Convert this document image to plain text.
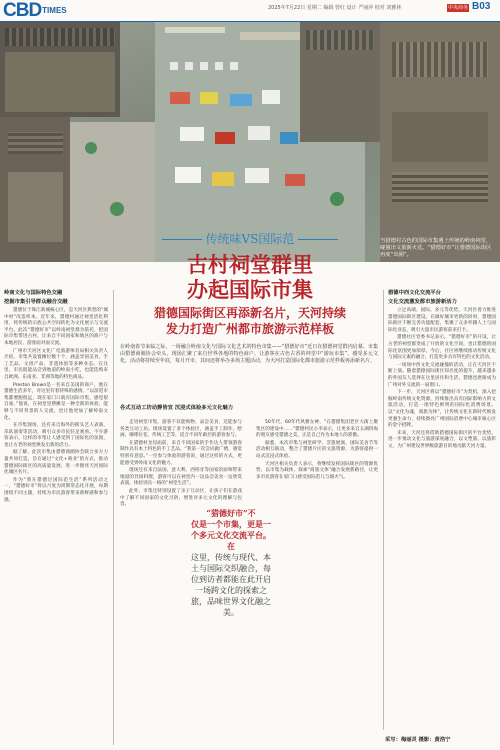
CBDTIMES	2025年7月22日 星期二 编辑 曾红 设计 严丽萍 校对 刘雅林	中央商务区
B03
当猎德村古色的国际市集遇上传统的岭南祠堂，碰撞出文旅新火花。“猎德好市”让猎德国际街区再度“出圈”。
传统味VS国际范
古村祠堂群里
办起国际市集
猎德国际街区再添新名片，天河持续
发力打造广州都市旅游示范样板
在岭南春节来临之际，一场融合岭南文化与国际文化艺术的特色市集——“猎德好市”近日在猎德祠堂群内启幕。市集由猎德商圈协会牵头，现场汇聚了来自世界各地的特色商户，让游客在古色古香的祠堂中“游玩市集”，感受多元文化。活动将持续至年底，每月开市，其间还将举办多场主题活动，为天河打造国际化都市旅游示范样板再添新名片。
岭南文化与国际特色交融
挖掘市集引导群众融合交融

猎德位于珠江新城核心区，是天河区典型的“城中村”改造样本。近年来，猎德村通过祠堂活化利用，将传统的宗族公共空间转化为文化展示与交流平台。此次“猎德好市”以岭南祠堂群为依托，把国际市集带进古村，让来自不同国家和地区的商户与本地居民、游客面对面交流。

广州市天河区文化广电旅游体育局相关负责人介绍，市集共设置摊位数十个，涵盖异国美食、手工艺品、文创产品、非遗体验等多种业态。在这里，市民既能品尝到地道的岭南小吃，也能选购来自欧洲、东南亚、非洲等地的特色商品。

Preston Brown是一名来自美国的商户，他在猎德生活多年，对这里有着特殊的感情。“以前逛市集都要跑很远，现在家门口就有国际市集，感觉很自豪。”他说，在祠堂里摆摊是一种全新的体验，能够与不同背景的人交流，也让他更加了解岭南文化。

在市集现场，还有来自海外的街头艺人表演、乐队演奏等活动，吸引众多市民驻足观看。不少游客表示，这样的市集让人感受到了国际化的氛围，也让古老的祠堂焕发出新的活力。

据了解，此次市集由猎德商圈协会联合多方力量共同打造，旨在通过“文化+商业”的方式，推动猎德国际街区的高质量发展，进一步擦亮天河国际化城区名片。

作为“我在猎德过国际范生活”系列活动之一，“猎德好市”将以月度为周期常态化开展，每期围绕不同主题，持续为市民游客带来新鲜感和参与感。

各式互动工坊动静皆宜 沉浸式体验多元文化魅力

走进祠堂市集，游客不仅能购物、品尝美食，还能参与各类互动工坊。现场设置了多个体验区，涵盖手工制作、绘画、咖啡拉花、传统工艺等，适合不同年龄层的游客参与。

在猎德村龙母庙前，来自不同国家的手作达人带领游客制作具有本土特色的手工艺品。“我第一次尝试做广绣，感觉特别有意思。”一位参与体验的游客说，通过这样的方式，更能感受到岭南文化的魅力。

现场还有来自法国、意大利、西班牙等国家的厨师带来地道的异国料理，游客可以在祠堂内一边品尝美食一边欣赏表演，体验别具一格的“祠堂生活”。

此外，市集还特别设置了亲子互动区，让孩子们在游戏中了解不同国家的文化习俗，增进对多元文化的理解与包容。

50年代，60年代风雅女神，“在猎德集团老区大街上聚集区的建设中……”猎德村民小李表示，让更多来自五湖四海的朋友感受猎德之美，正是自己作为本地人的骄傲。

据悉，本次市集与祠堂研学、非遗展演、国际美食节等活动相互联动，整合了猎德片区的文旅资源，为游客提供一站式沉浸式体验。

天河区相关负责人表示，将继续发挥国际街区的资源优势，以市集为载体，探索“商旅文体”融合发展新路径，让更多市民游客在家门口感受国际范儿与烟火气。

“猎德好市”不
仅是一个市集，更是一
个多元文化交流平台。在
这里，传统与现代、本土与国际交织融合，每位到访者都能在此开启一场跨文化的探索之旅，品味世界文化融之美。
猎德中西文化交流平台
文化交流激发都市旅游新活力

立足高端、国际、多元等优势，天河区着力推进猎德国际街区建设。在做好城市更新的同时，猎德国际街区不断完善功能配套，集聚了众多外籍人士与国际化业态，吸引大量市民游客前来打卡。

猎德社区党委书记表示，“猎德好市”的开设，让古老的祠堂群变成了开放的文化空间，也让猎德的国际化氛围更加浓厚。今后，社区将继续推动传统文化与国际元素的融合，打造更多具有特色的文化活动。

一场场中西文化交流碰撞的活动，正在天河区不断上演。随着猎德国际街区知名度的提升，越来越多的外国友人选择在这里居住和生活，猎德也逐渐成为广州对外交流的一扇窗口。

下一步，天河区将以“猎德好市”为契机，深入挖掘岭南传统文化资源，持续推出具有国际影响力的文旅活动，打造一批特色鲜明的国际化消费场景。以“文化为魂，商旅为体”，让传统文化在新时代焕发更强生命力，持续擦亮广州国际消费中心城市核心区的金字招牌。

未来，天河还将借助猎德国际街区的平台优势，进一步推动文化与旅游深度融合，以文塑旅、以旅彰文，为广州建设世界级旅游目的地贡献天河力量。

采写：梅丽灵 摄影：黄浩宁
